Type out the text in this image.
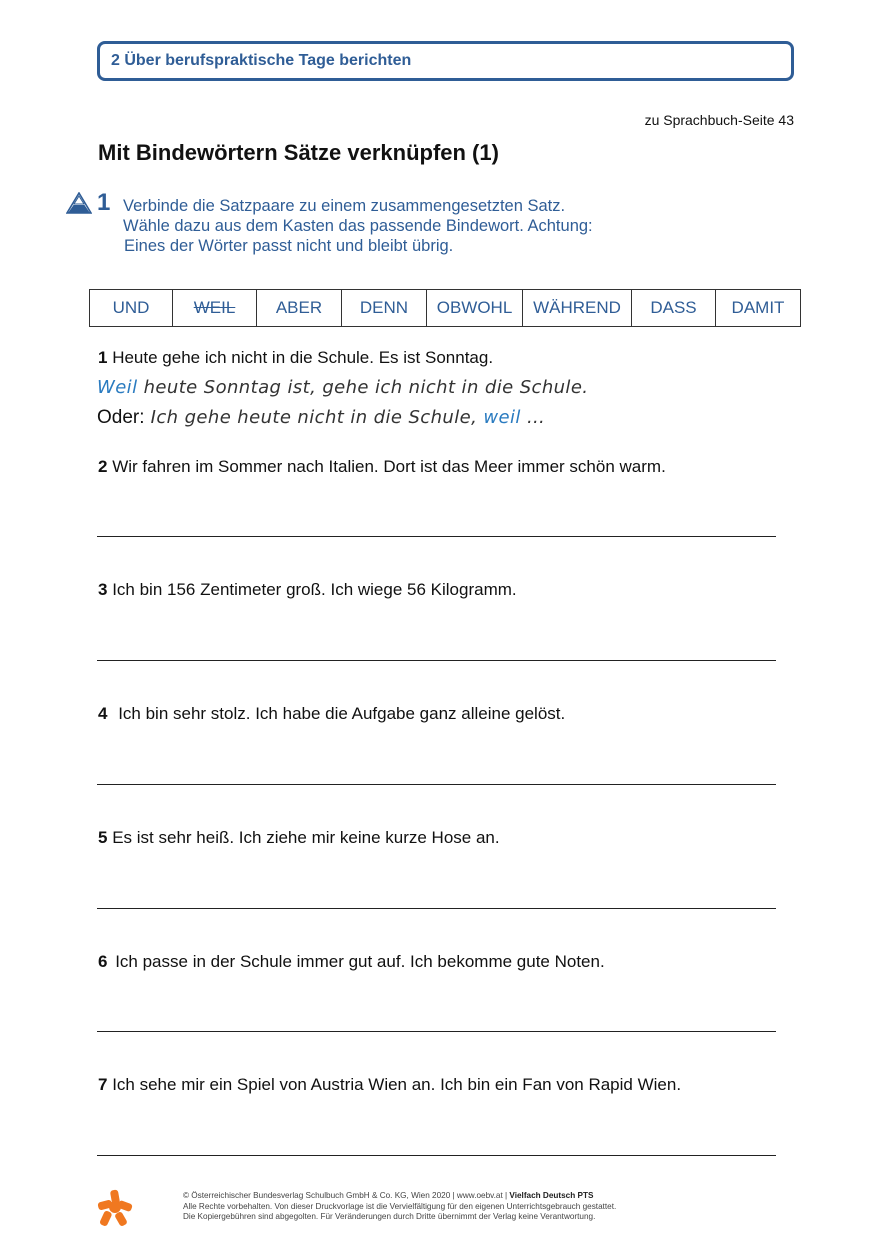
2 Über berufspraktische Tage berichten
zu Sprachbuch-Seite 43
Mit Bindewörtern Sätze verknüpfen (1)
1 Verbinde die Satzpaare zu einem zusammengesetzten Satz.
Wähle dazu aus dem Kasten das passende Bindewort. Achtung:
Eines der Wörter passt nicht und bleibt übrig.
UND	WEIL	ABER	DENN	OBWOHL	WÄHREND	DASS	DAMIT
1 Heute gehe ich nicht in die Schule. Es ist Sonntag.
Weil heute Sonntag ist, gehe ich nicht in die Schule.
Oder: Ich gehe heute nicht in die Schule, weil …
2 Wir fahren im Sommer nach Italien. Dort ist das Meer immer schön warm.
3 Ich bin 156 Zentimeter groß. Ich wiege 56 Kilogramm.
4 Ich bin sehr stolz. Ich habe die Aufgabe ganz alleine gelöst.
5 Es ist sehr heiß. Ich ziehe mir keine kurze Hose an.
6 Ich passe in der Schule immer gut auf. Ich bekomme gute Noten.
7 Ich sehe mir ein Spiel von Austria Wien an. Ich bin ein Fan von Rapid Wien.
© Österreichischer Bundesverlag Schulbuch GmbH & Co. KG, Wien 2020 | www.oebv.at | Vielfach Deutsch PTS
Alle Rechte vorbehalten. Von dieser Druckvorlage ist die Vervielfältigung für den eigenen Unterrichtsgebrauch gestattet.
Die Kopiergebühren sind abgegolten. Für Veränderungen durch Dritte übernimmt der Verlag keine Verantwortung.
